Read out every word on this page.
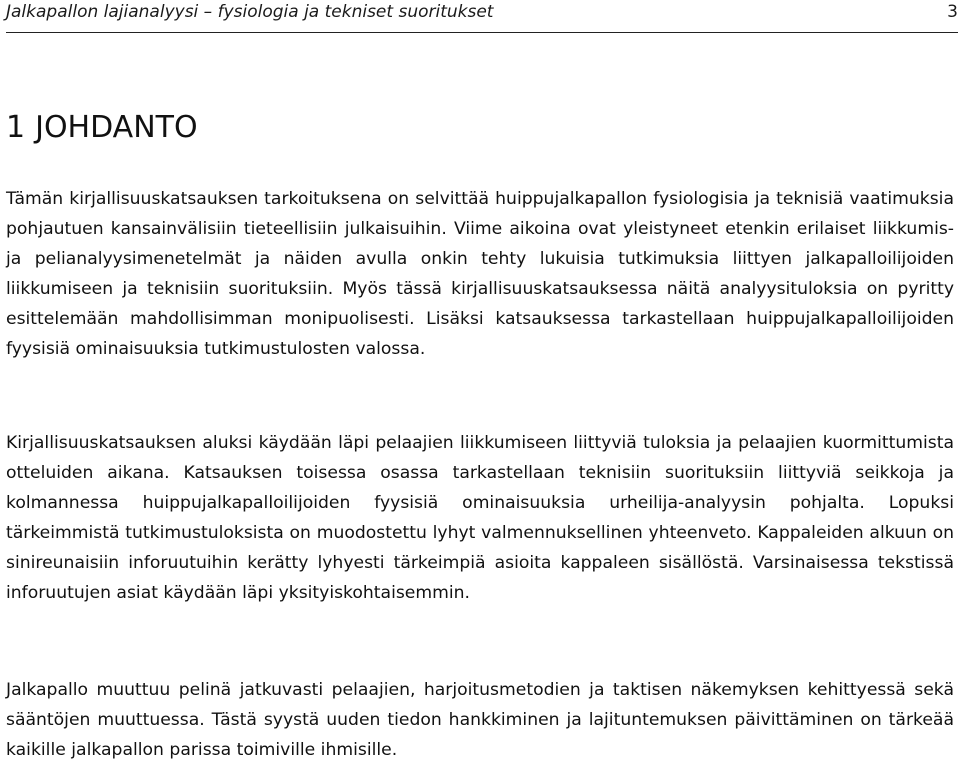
Jalkapallon lajianalyysi – fysiologia ja tekniset suoritukset	3
1 JOHDANTO

Tämän kirjallisuuskatsauksen tarkoituksena on selvittää huippujalkapallon fysiologisia ja teknisiä vaatimuksia pohjautuen kansainvälisiin tieteellisiin julkaisuihin. Viime aikoina ovat yleistyneet etenkin erilaiset liikkumis- ja pelianalyysimenetelmät ja näiden avulla onkin tehty lukuisia tutkimuksia liittyen jalkapalloilijoiden liikkumiseen ja teknisiin suorituksiin. Myös tässä kirjallisuuskatsauksessa näitä analyysituloksia on pyritty esittelemään mahdollisimman monipuolisesti. Lisäksi katsauksessa tarkastellaan huippujalkapalloilijoiden fyysisiä ominaisuuksia tutkimustulosten valossa.

Kirjallisuuskatsauksen aluksi käydään läpi pelaajien liikkumiseen liittyviä tuloksia ja pelaajien kuormittumista otteluiden aikana. Katsauksen toisessa osassa tarkastellaan teknisiin suorituksiin liittyviä seikkoja ja kolmannessa huippujalkapalloilijoiden fyysisiä ominaisuuksia urheilija-analyysin pohjalta. Lopuksi tärkeimmistä tutkimustuloksista on muodostettu lyhyt valmennuksellinen yhteenveto. Kappaleiden alkuun on sinireunaisiin inforuutuihin kerätty lyhyesti tärkeimpiä asioita kappaleen sisällöstä. Varsinaisessa tekstissä inforuutujen asiat käydään läpi yksityiskohtaisemmin.

Jalkapallo muuttuu pelinä jatkuvasti pelaajien, harjoitusmetodien ja taktisen näkemyksen kehittyessä sekä sääntöjen muuttuessa. Tästä syystä uuden tiedon hankkiminen ja lajituntemuksen päivittäminen on tärkeää kaikille jalkapallon parissa toimiville ihmisille.
